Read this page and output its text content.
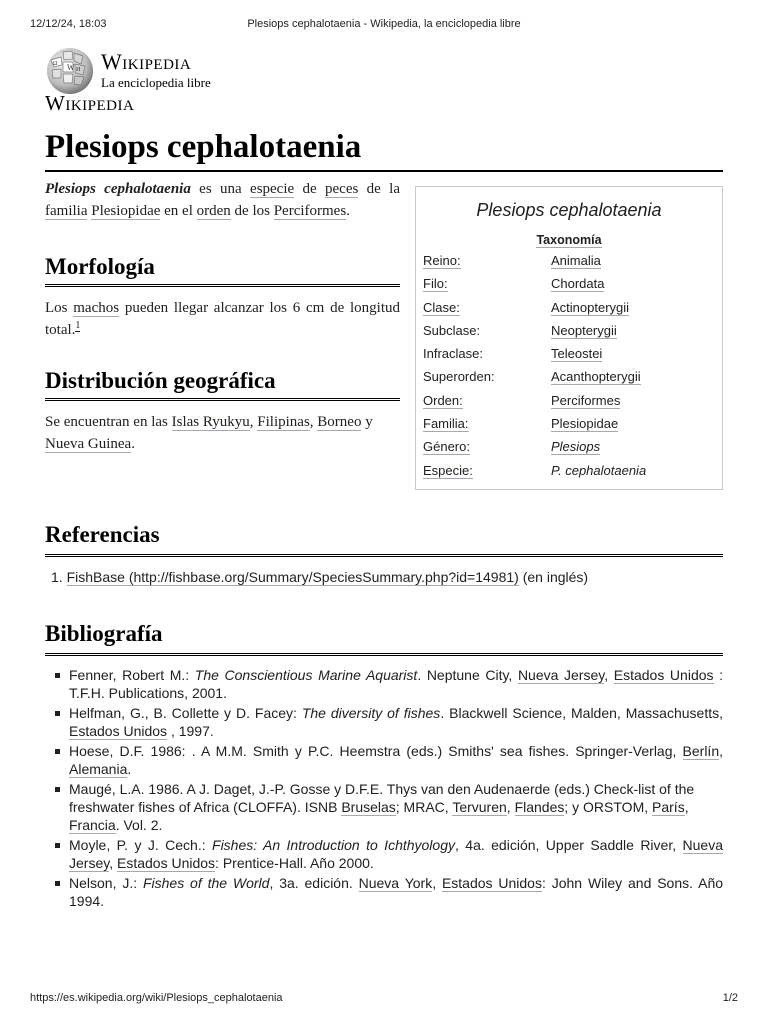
12/12/24, 18:03	Plesiops cephalotaenia - Wikipedia, la enciclopedia libre
W
Ω
И Wikipedia
La enciclopedia libre
Wikipedia
Plesiops cephalotaenia

Plesiops cephalotaenia es una especie de peces de la familia Plesiopidae en el orden de los Perciformes.

Morfología

Los machos pueden llegar alcanzar los 6 cm de longitud total.$^1$

Distribución geográfica

Se encuentran en las Islas Ryukyu, Filipinas, Borneo y Nueva Guinea.

Plesiops cephalotaenia
Taxonomía
Reino:	Animalia
Filo:	Chordata
Clase:	Actinopterygii
Subclase:	Neopterygii
Infraclase:	Teleostei
Superorden:	Acanthopterygii
Orden:	Perciformes
Familia:	Plesiopidae
Género:	Plesiops
Especie:	P. cephalotaenia
Referencias
1. FishBase (http://fishbase.org/Summary/SpeciesSummary.php?id=14981) (en inglés)
Bibliografía
Fenner, Robert M.: The Conscientious Marine Aquarist. Neptune City, Nueva Jersey, Estados Unidos : T.F.H. Publications, 2001.
Helfman, G., B. Collette y D. Facey: The diversity of fishes. Blackwell Science, Malden, Massachusetts, Estados Unidos , 1997.
Hoese, D.F. 1986: . A M.M. Smith y P.C. Heemstra (eds.) Smiths' sea fishes. Springer-Verlag, Berlín, Alemania.
Maugé, L.A. 1986. A J. Daget, J.-P. Gosse y D.F.E. Thys van den Audenaerde (eds.) Check-list of the freshwater fishes of Africa (CLOFFA). ISNB Bruselas; MRAC, Tervuren, Flandes; y ORSTOM, París, Francia. Vol. 2.
Moyle, P. y J. Cech.: Fishes: An Introduction to Ichthyology, 4a. edición, Upper Saddle River, Nueva Jersey, Estados Unidos: Prentice-Hall. Año 2000.
Nelson, J.: Fishes of the World, 3a. edición. Nueva York, Estados Unidos: John Wiley and Sons. Año 1994.
https://es.wikipedia.org/wiki/Plesiops_cephalotaenia	1/2
